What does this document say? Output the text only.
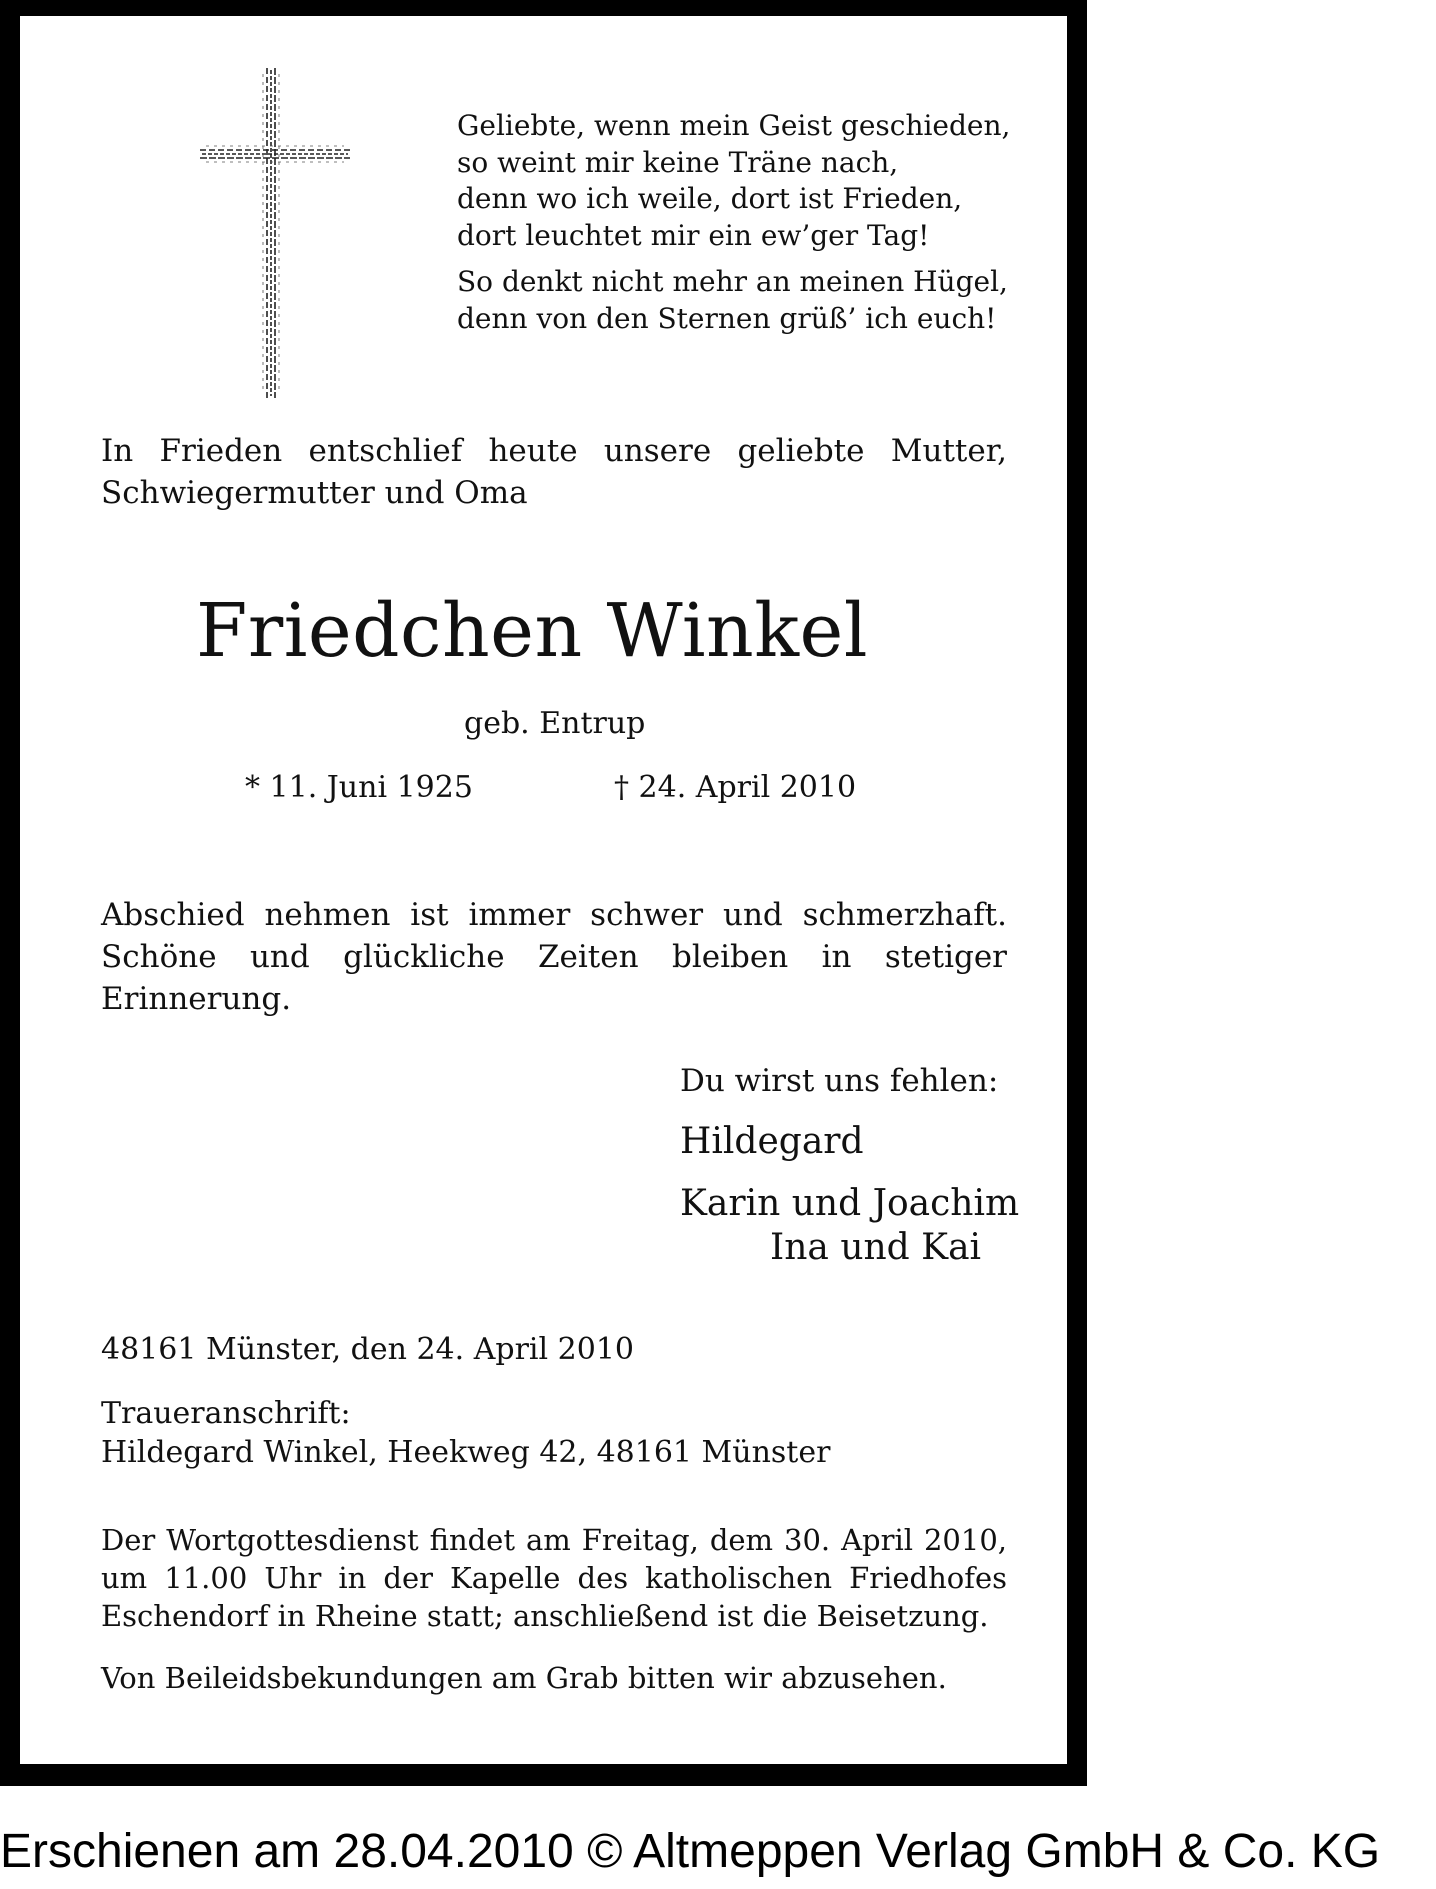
Geliebte, wenn mein Geist geschieden,
so weint mir keine Träne nach,
denn wo ich weile, dort ist Frieden,
dort leuchtet mir ein ew’ger Tag!
So denkt nicht mehr an meinen Hügel,
denn von den Sternen grüß’ ich euch!
In Frieden entschlief heute unsere geliebte Mutter, Schwiegermutter und Oma
Friedchen Winkel
geb. Entrup
* 11. Juni 1925	† 24. April 2010
Abschied nehmen ist immer schwer und schmerzhaft. Schöne und glückliche Zeiten bleiben in stetiger Erinnerung.
Du wirst uns fehlen:
Hildegard
Karin und Joachim
Ina und Kai
48161 Münster, den 24. April 2010
Traueranschrift:
Hildegard Winkel, Heekweg 42, 48161 Münster
Der Wortgottesdienst findet am Freitag, dem 30. April 2010, um 11.00 Uhr in der Kapelle des katholischen Friedhofes Eschendorf in Rheine statt; anschließend ist die Beisetzung.
Von Beileidsbekundungen am Grab bitten wir abzusehen.
Erschienen am 28.04.2010 © Altmeppen Verlag GmbH & Co. KG
